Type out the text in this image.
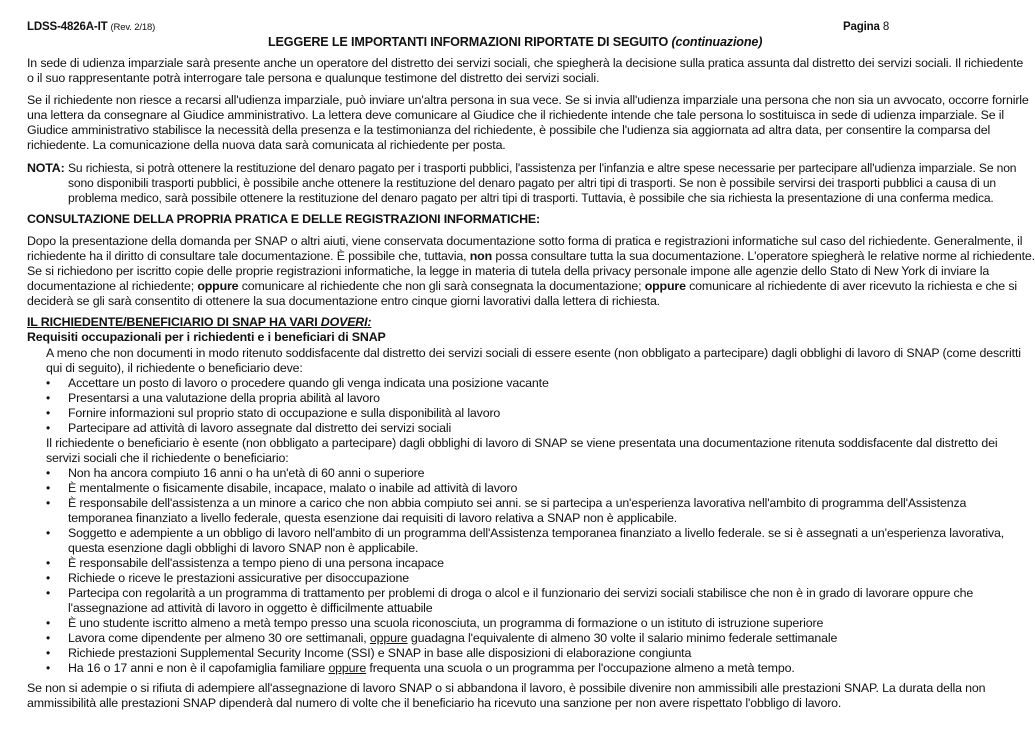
LDSS-4826A-IT (Rev. 2/18)	Pagina 8
LEGGERE LE IMPORTANTI INFORMAZIONI RIPORTATE DI SEGUITO (continuazione)
In sede di udienza imparziale sarà presente anche un operatore del distretto dei servizi sociali, che spiegherà la decisione sulla pratica assunta dal distretto dei servizi sociali. Il richiedente
o il suo rappresentante potrà interrogare tale persona e qualunque testimone del distretto dei servizi sociali.
Se il richiedente non riesce a recarsi all'udienza imparziale, può inviare un'altra persona in sua vece. Se si invia all'udienza imparziale una persona che non sia un avvocato, occorre fornirle
una lettera da consegnare al Giudice amministrativo. La lettera deve comunicare al Giudice che il richiedente intende che tale persona lo sostituisca in sede di udienza imparziale. Se il
Giudice amministrativo stabilisce la necessità della presenza e la testimonianza del richiedente, è possibile che l'udienza sia aggiornata ad altra data, per consentire la comparsa del
richiedente. La comunicazione della nuova data sarà comunicata al richiedente per posta.
NOTA: Su richiesta, si potrà ottenere la restituzione del denaro pagato per i trasporti pubblici, l'assistenza per l'infanzia e altre spese necessarie per partecipare all'udienza imparziale. Se non
sono disponibili trasporti pubblici, è possibile anche ottenere la restituzione del denaro pagato per altri tipi di trasporti. Se non è possibile servirsi dei trasporti pubblici a causa di un
problema medico, sarà possibile ottenere la restituzione del denaro pagato per altri tipi di trasporti. Tuttavia, è possibile che sia richiesta la presentazione di una conferma medica.
CONSULTAZIONE DELLA PROPRIA PRATICA E DELLE REGISTRAZIONI INFORMATICHE:
Dopo la presentazione della domanda per SNAP o altri aiuti, viene conservata documentazione sotto forma di pratica e registrazioni informatiche sul caso del richiedente. Generalmente, il
richiedente ha il diritto di consultare tale documentazione. È possibile che, tuttavia, non possa consultare tutta la sua documentazione. L'operatore spiegherà le relative norme al richiedente.
Se si richiedono per iscritto copie delle proprie registrazioni informatiche, la legge in materia di tutela della privacy personale impone alle agenzie dello Stato di New York di inviare la
documentazione al richiedente; oppure comunicare al richiedente che non gli sarà consegnata la documentazione; oppure comunicare al richiedente di aver ricevuto la richiesta e che si
deciderà se gli sarà consentito di ottenere la sua documentazione entro cinque giorni lavorativi dalla lettera di richiesta.
IL RICHIEDENTE/BENEFICIARIO DI SNAP HA VARI DOVERI:
Requisiti occupazionali per i richiedenti e i beneficiari di SNAP
A meno che non documenti in modo ritenuto soddisfacente dal distretto dei servizi sociali di essere esente (non obbligato a partecipare) dagli obblighi di lavoro di SNAP (come descritti
qui di seguito), il richiedente o beneficiario deve:
• Accettare un posto di lavoro o procedere quando gli venga indicata una posizione vacante
• Presentarsi a una valutazione della propria abilità al lavoro
• Fornire informazioni sul proprio stato di occupazione e sulla disponibilità al lavoro
• Partecipare ad attività di lavoro assegnate dal distretto dei servizi sociali
Il richiedente o beneficiario è esente (non obbligato a partecipare) dagli obblighi di lavoro di SNAP se viene presentata una documentazione ritenuta soddisfacente dal distretto dei
servizi sociali che il richiedente o beneficiario:
• Non ha ancora compiuto 16 anni o ha un'età di 60 anni o superiore
• È mentalmente o fisicamente disabile, incapace, malato o inabile ad attività di lavoro
• È responsabile dell'assistenza a un minore a carico che non abbia compiuto sei anni. se si partecipa a un'esperienza lavorativa nell'ambito di programma dell'Assistenza
temporanea finanziato a livello federale, questa esenzione dai requisiti di lavoro relativa a SNAP non è applicabile.
• Soggetto e adempiente a un obbligo di lavoro nell'ambito di un programma dell'Assistenza temporanea finanziato a livello federale. se si è assegnati a un'esperienza lavorativa,
questa esenzione dagli obblighi di lavoro SNAP non è applicabile.
• È responsabile dell'assistenza a tempo pieno di una persona incapace
• Richiede o riceve le prestazioni assicurative per disoccupazione
• Partecipa con regolarità a un programma di trattamento per problemi di droga o alcol e il funzionario dei servizi sociali stabilisce che non è in grado di lavorare oppure che
l'assegnazione ad attività di lavoro in oggetto è difficilmente attuabile
• È uno studente iscritto almeno a metà tempo presso una scuola riconosciuta, un programma di formazione o un istituto di istruzione superiore
• Lavora come dipendente per almeno 30 ore settimanali, oppure guadagna l'equivalente di almeno 30 volte il salario minimo federale settimanale
• Richiede prestazioni Supplemental Security Income (SSI) e SNAP in base alle disposizioni di elaborazione congiunta
• Ha 16 o 17 anni e non è il capofamiglia familiare oppure frequenta una scuola o un programma per l'occupazione almeno a metà tempo.
Se non si adempie o si rifiuta di adempiere all'assegnazione di lavoro SNAP o si abbandona il lavoro, è possibile divenire non ammissibili alle prestazioni SNAP. La durata della non
ammissibilità alle prestazioni SNAP dipenderà dal numero di volte che il beneficiario ha ricevuto una sanzione per non avere rispettato l'obbligo di lavoro.
